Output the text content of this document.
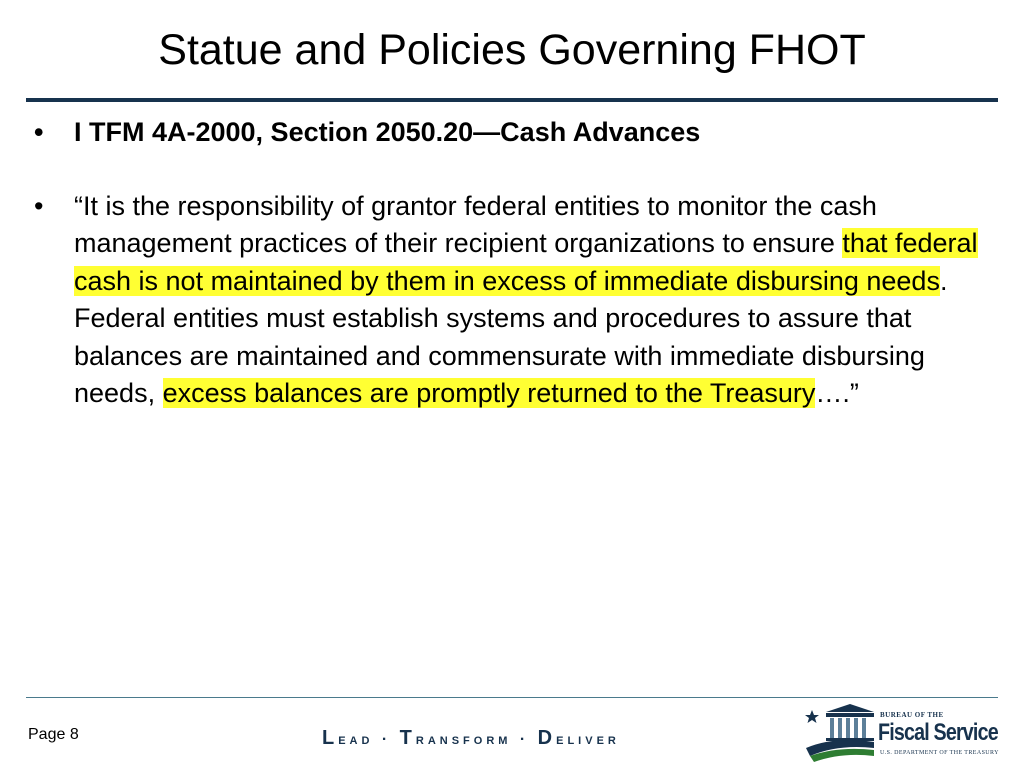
Statue and Policies Governing FHOT
• I TFM 4A-2000, Section 2050.20—Cash Advances
• “It is the responsibility of grantor federal entities to monitor the cash management practices of their recipient organizations to ensure that federal cash is not maintained by them in excess of immediate disbursing needs. Federal entities must establish systems and procedures to assure that balances are maintained and commensurate with immediate disbursing needs, excess balances are promptly returned to the Treasury….”
Page 8	Lead · Transform · Deliver
BUREAU OF THE
Fiscal Service
U.S. DEPARTMENT OF THE TREASURY
